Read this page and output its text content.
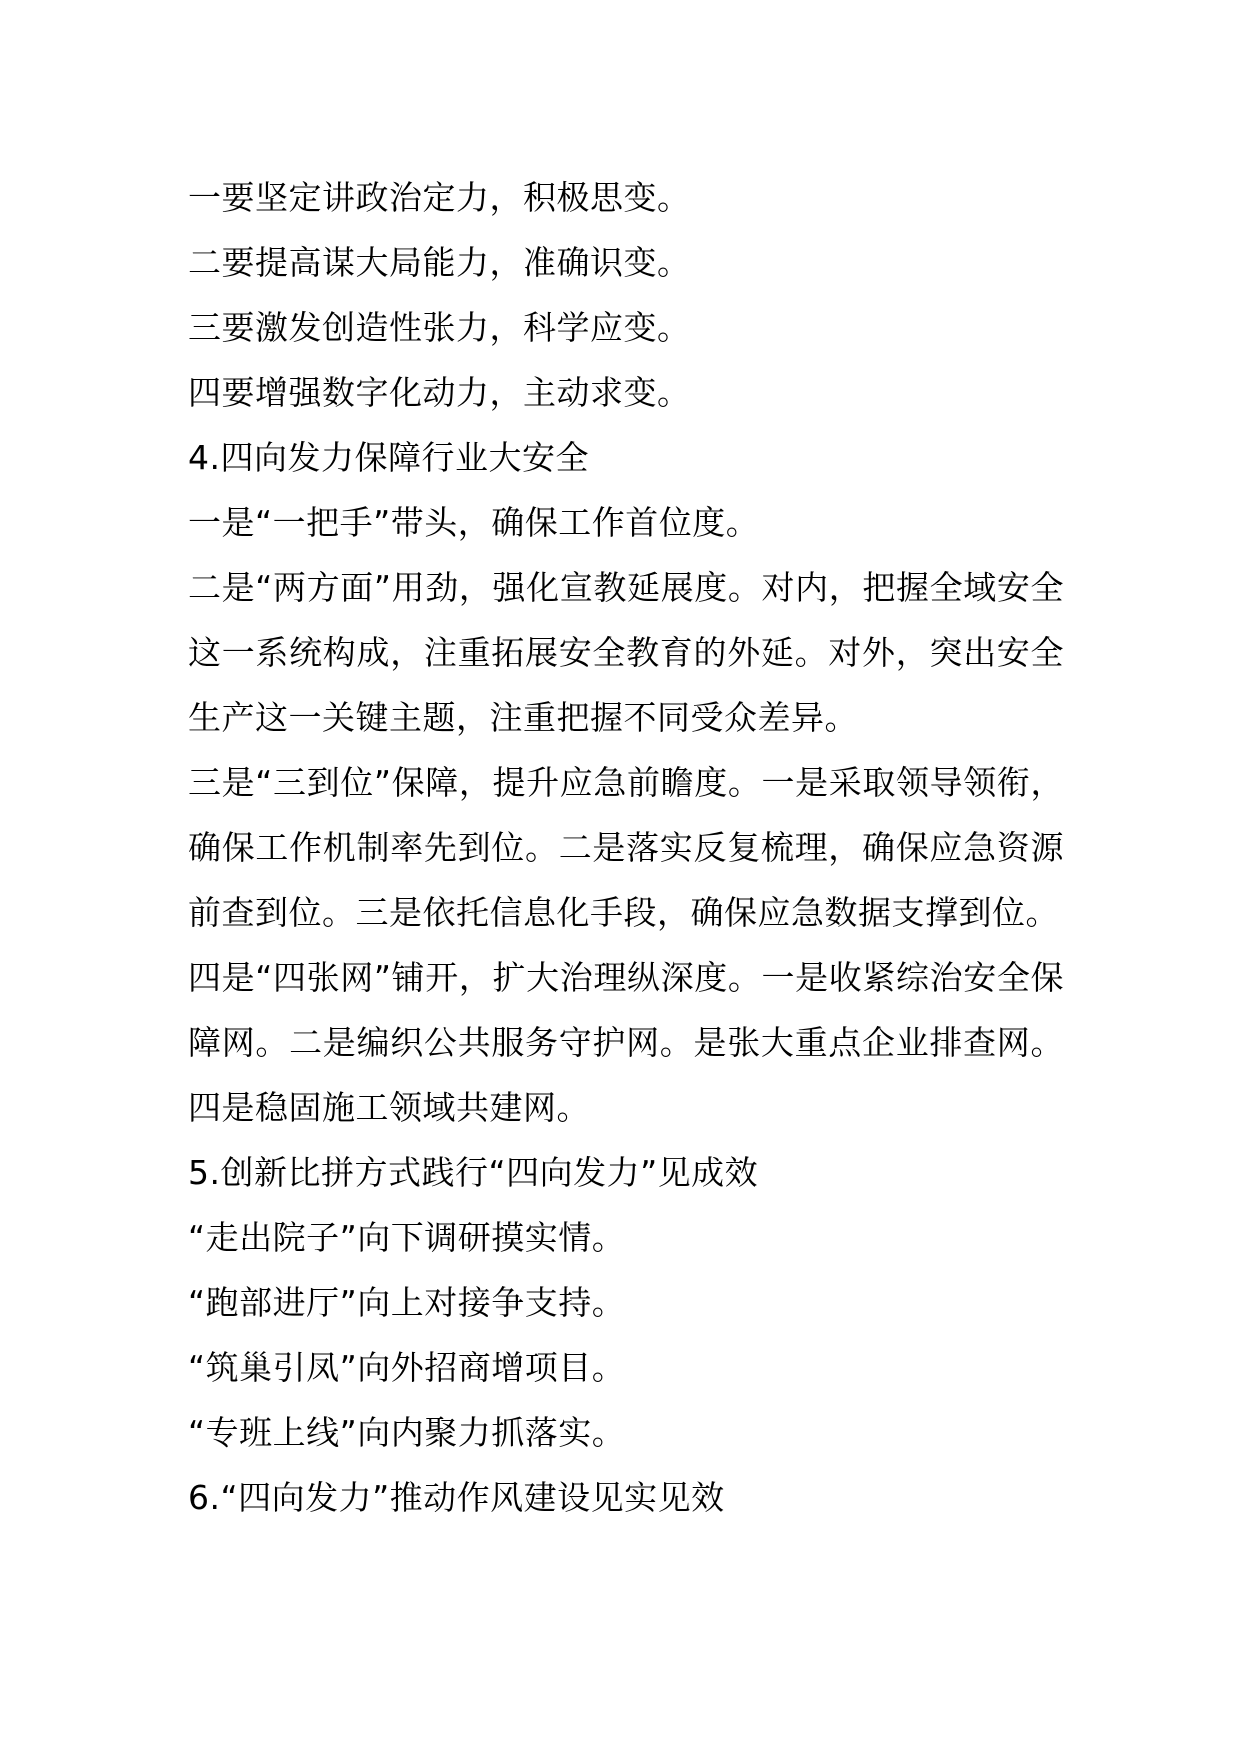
一要坚定讲政治定力，积极思变。
二要提高谋大局能力，准确识变。
三要激发创造性张力，科学应变。
四要增强数字化动力，主动求变。
4.四向发力保障行业大安全
一是“一把手”带头，确保工作首位度。
二是“两方面”用劲，强化宣教延展度。对内，把握全域安全这一系统构成，注重拓展安全教育的外延。对外，突出安全生产这一关键主题，注重把握不同受众差异。
三是“三到位”保障，提升应急前瞻度。一是采取领导领衔，确保工作机制率先到位。二是落实反复梳理，确保应急资源前查到位。三是依托信息化手段，确保应急数据支撑到位。
四是“四张网”铺开，扩大治理纵深度。一是收紧综治安全保障网。二是编织公共服务守护网。是张大重点企业排查网。四是稳固施工领域共建网。
5.创新比拼方式践行“四向发力”见成效
“走出院子”向下调研摸实情。
“跑部进厅”向上对接争支持。
“筑巢引凤”向外招商增项目。
“专班上线”向内聚力抓落实。
6.“四向发力”推动作风建设见实见效
